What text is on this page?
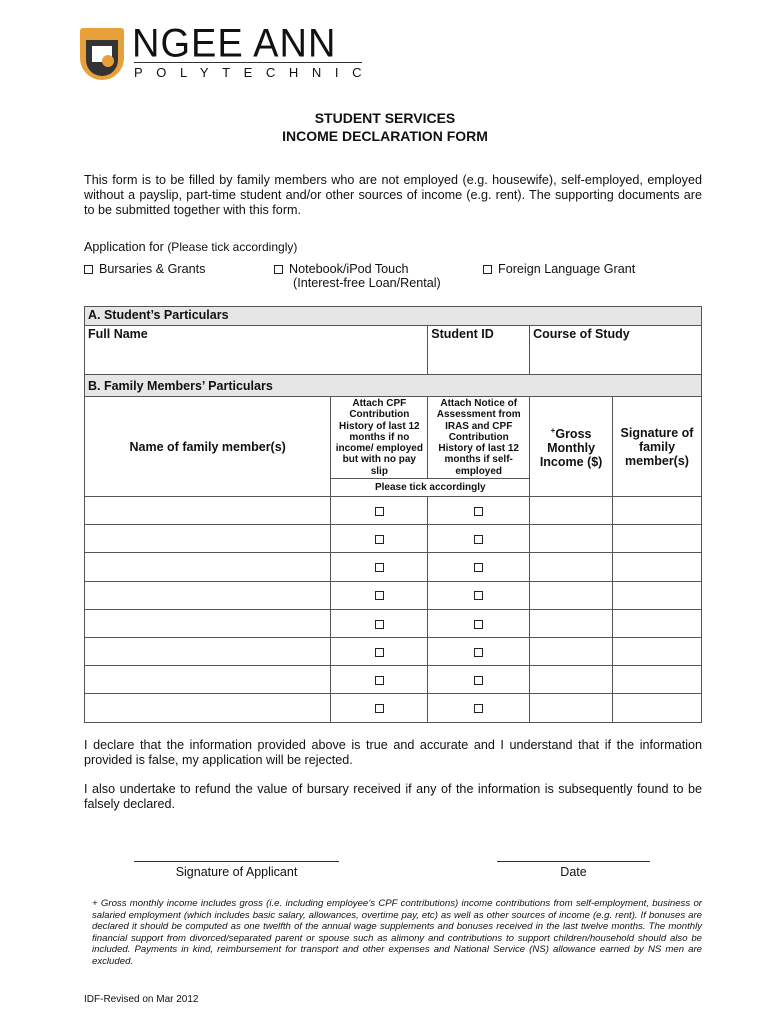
NGEE ANN
POLYTECHNIC
STUDENT SERVICES
INCOME DECLARATION FORM
This form is to be filled by family members who are not employed (e.g. housewife), self-employed, employed without a payslip, part-time student and/or other sources of income (e.g. rent). The supporting documents are to be submitted together with this form.
Application for (Please tick accordingly)
Bursaries & Grants	Notebook/iPod Touch
(Interest-free Loan/Rental)
Foreign Language Grant
A. Student’s Particulars				
Full Name		Student ID	Course of Study	
B. Family Members’ Particulars				
Name of family member(s)	Attach CPF Contribution History of last 12 months if no income/ employed but with no pay slip	Attach Notice of Assessment from IRAS and CPF Contribution History of last 12 months if self-employed	+Gross Monthly Income ($)	Signature of family member(s)
	Please tick accordingly			

I declare that the information provided above is true and accurate and I understand that if the information provided is false, my application will be rejected.
I also undertake to refund the value of bursary received if any of the information is subsequently found to be falsely declared.
Signature of Applicant	Date
+ Gross monthly income includes gross (i.e. including employee’s CPF contributions) income contributions from self-employment, business or salaried employment (which includes basic salary, allowances, overtime pay, etc) as well as other sources of income (e.g. rent). If bonuses are declared it should be computed as one twelfth of the annual wage supplements and bonuses received in the last twelve months. The monthly financial support from divorced/separated parent or spouse such as alimony and contributions to support children/household should also be included. Payments in kind, reimbursement for transport and other expenses and National Service (NS) allowance earned by NS men are excluded.
IDF-Revised on Mar 2012
